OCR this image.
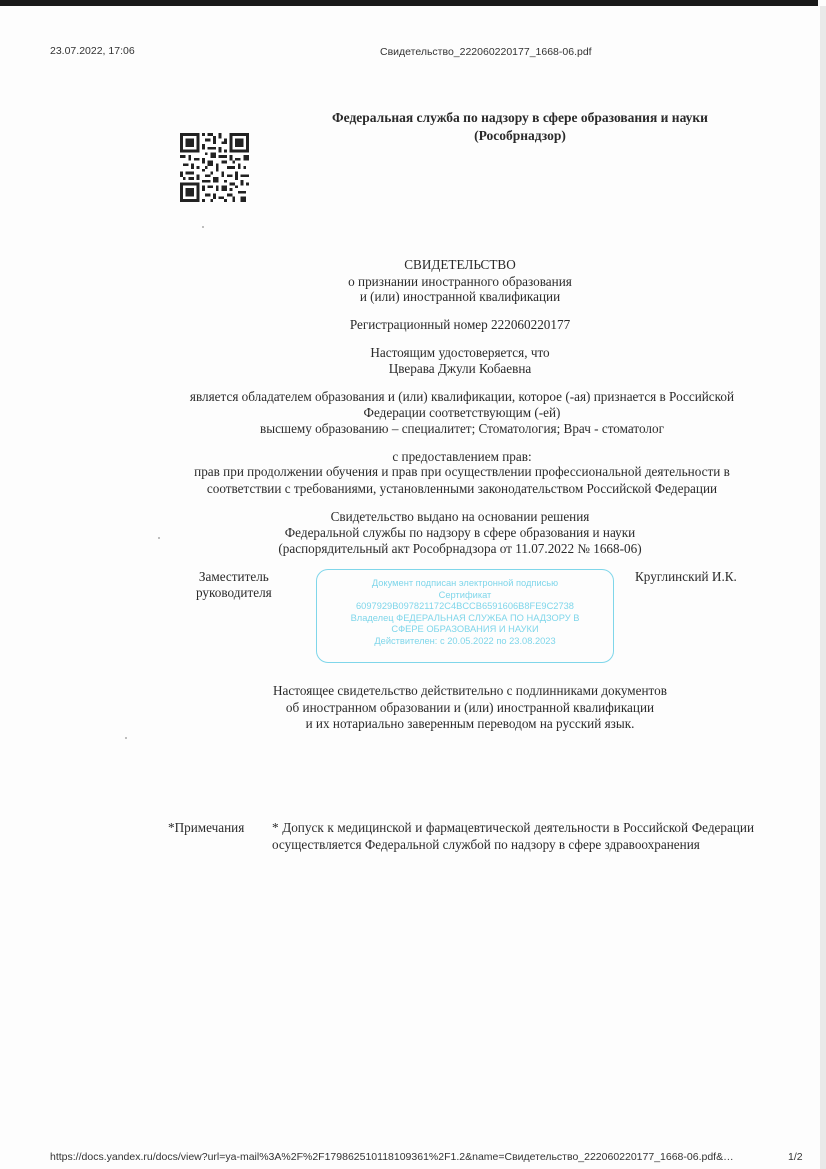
23.07.2022, 17:06	Свидетельство_222060220177_1668-06.pdf
Федеральная служба по надзору в сфере образования и науки
(Рособрнадзор)
СВИДЕТЕЛЬСТВО
о признании иностранного образования
и (или) иностранной квалификации
Регистрационный номер 222060220177
Настоящим удостоверяется, что
Цверава Джули Кобаевна
является обладателем образования и (или) квалификации, которое (-ая) признается в Российской
Федерации соответствующим (-ей)
высшему образованию – специалитет; Стоматология; Врач - стоматолог
с предоставлением прав:
прав при продолжении обучения и прав при осуществлении профессиональной деятельности в
соответствии с требованиями, установленными законодательством Российской Федерации
Свидетельство выдано на основании решения
Федеральной службы по надзору в сфере образования и науки
(распорядительный акт Рособрнадзора от 11.07.2022 № 1668-06)
Заместитель
руководителя
Документ подписан электронной подписью
Сертификат
6097929B097821172C4BCCB6591606B8FE9C2738
Владелец ФЕДЕРАЛЬНАЯ СЛУЖБА ПО НАДЗОРУ В
СФЕРЕ ОБРАЗОВАНИЯ И НАУКИ
Действителен: с 20.05.2022 по 23.08.2023
Круглинский И.К.
Настоящее свидетельство действительно с подлинниками документов
об иностранном образовании и (или) иностранной квалификации
и их нотариально заверенным переводом на русский язык.
*Примечания * Допуск к медицинской и фармацевтической деятельности в Российской Федерации осуществляется Федеральной службой по надзору в сфере здравоохранения
https://docs.yandex.ru/docs/view?url=ya-mail%3A%2F%2F179862510118109361%2F1.2&name=Свидетельство_222060220177_1668-06.pdf&…	1/2
